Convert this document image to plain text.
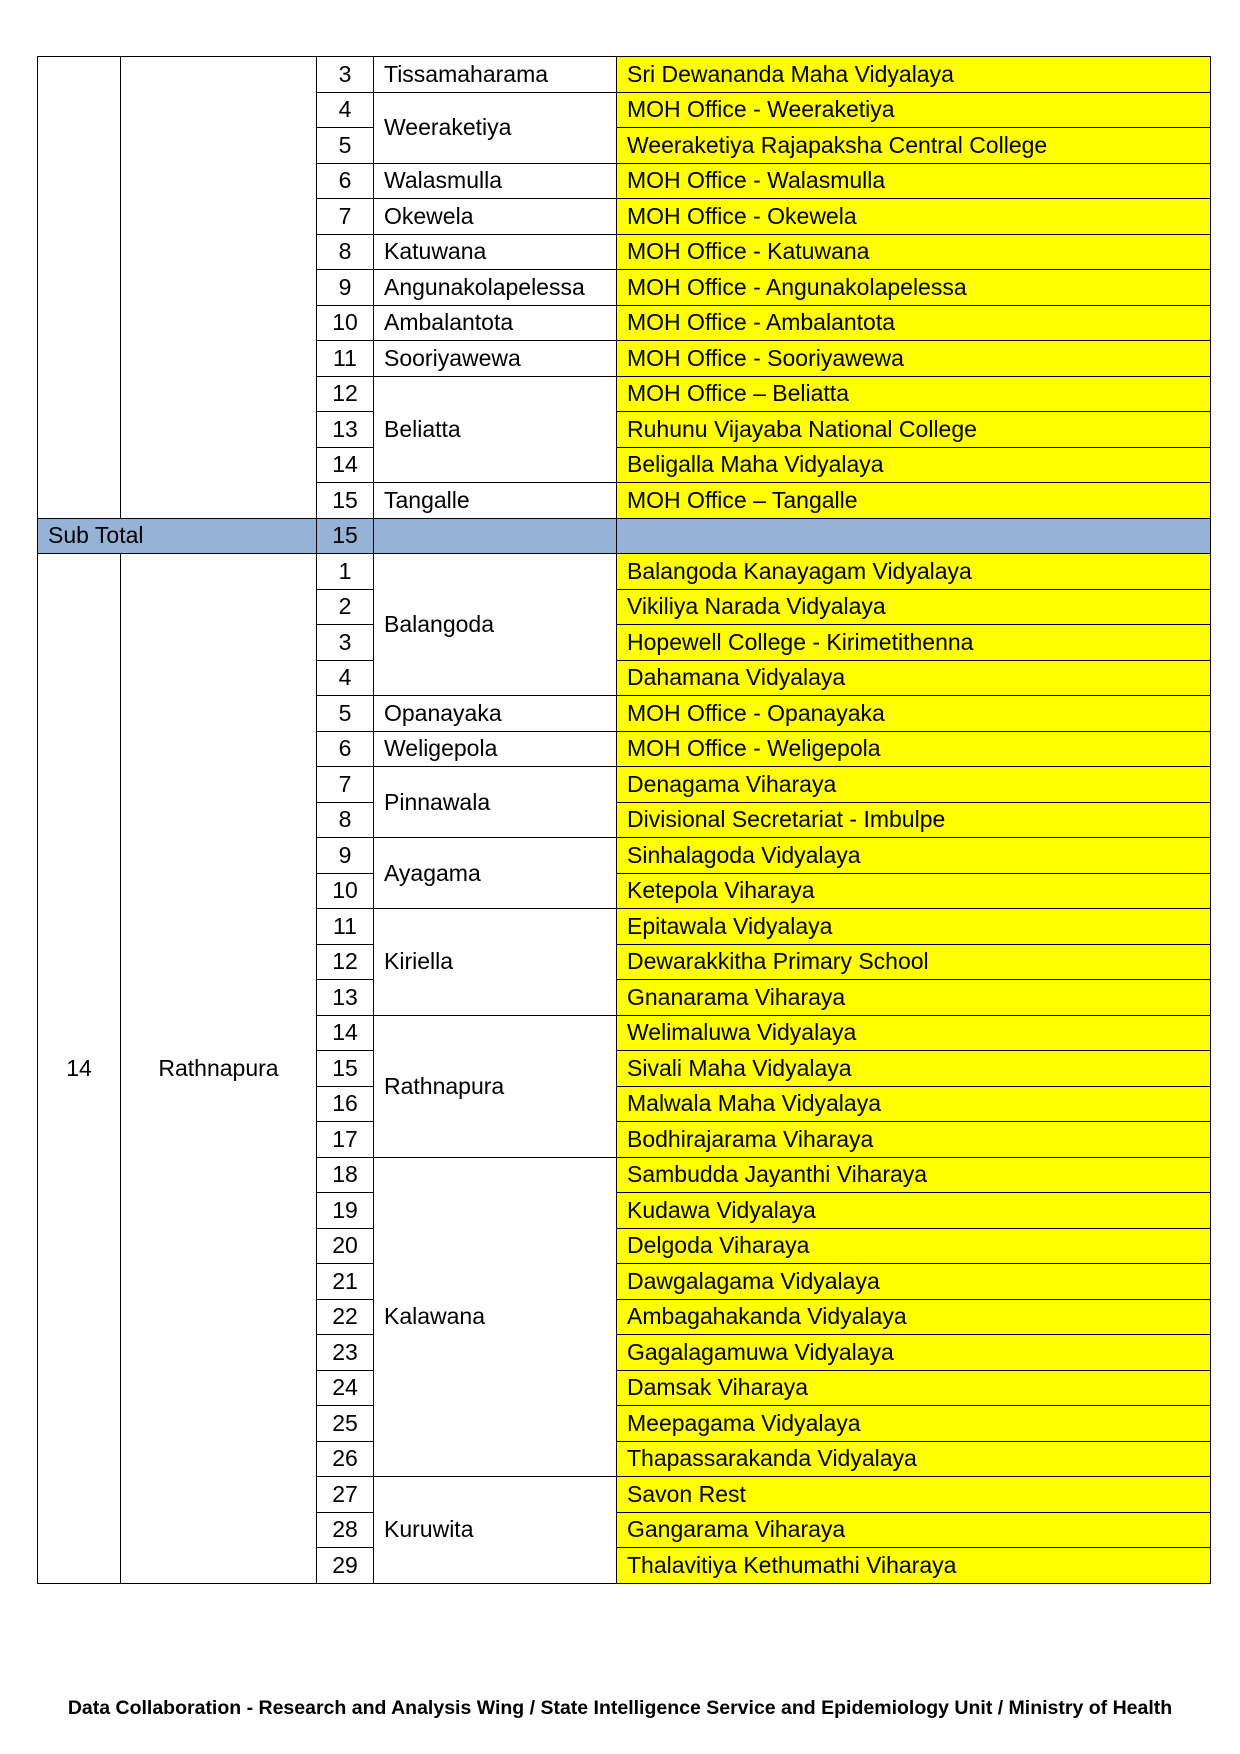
		3	Tissamaharama	Sri Dewananda Maha Vidyalaya
		4	Weeraketiya	MOH Office - Weeraketiya
		5		Weeraketiya Rajapaksha Central College
		6	Walasmulla	MOH Office - Walasmulla
		7	Okewela	MOH Office - Okewela
		8	Katuwana	MOH Office - Katuwana
		9	Angunakolapelessa	MOH Office - Angunakolapelessa
		10	Ambalantota	MOH Office - Ambalantota
		11	Sooriyawewa	MOH Office - Sooriyawewa
		12	Beliatta	MOH Office – Beliatta
		13		Ruhunu Vijayaba National College
		14		Beligalla Maha Vidyalaya
		15	Tangalle	MOH Office – Tangalle
Sub Total		15		
14	Rathnapura	1	Balangoda	Balangoda Kanayagam Vidyalaya
		2		Vikiliya Narada Vidyalaya
		3		Hopewell College - Kirimetithenna
		4		Dahamana Vidyalaya
		5	Opanayaka	MOH Office - Opanayaka
		6	Weligepola	MOH Office - Weligepola
		7	Pinnawala	Denagama Viharaya
		8		Divisional Secretariat - Imbulpe
		9	Ayagama	Sinhalagoda Vidyalaya
		10		Ketepola Viharaya
		11	Kiriella	Epitawala Vidyalaya
		12		Dewarakkitha Primary School
		13		Gnanarama Viharaya
		14	Rathnapura	Welimaluwa Vidyalaya
		15		Sivali Maha Vidyalaya
		16		Malwala Maha Vidyalaya
		17		Bodhirajarama Viharaya
		18	Kalawana	Sambudda Jayanthi Viharaya
		19		Kudawa Vidyalaya
		20		Delgoda Viharaya
		21		Dawgalagama Vidyalaya
		22		Ambagahakanda Vidyalaya
		23		Gagalagamuwa Vidyalaya
		24		Damsak Viharaya
		25		Meepagama Vidyalaya
		26		Thapassarakanda Vidyalaya
		27	Kuruwita	Savon Rest
		28		Gangarama Viharaya
		29		Thalavitiya Kethumathi Viharaya
Data Collaboration - Research and Analysis Wing / State Intelligence Service and Epidemiology Unit / Ministry of Health
